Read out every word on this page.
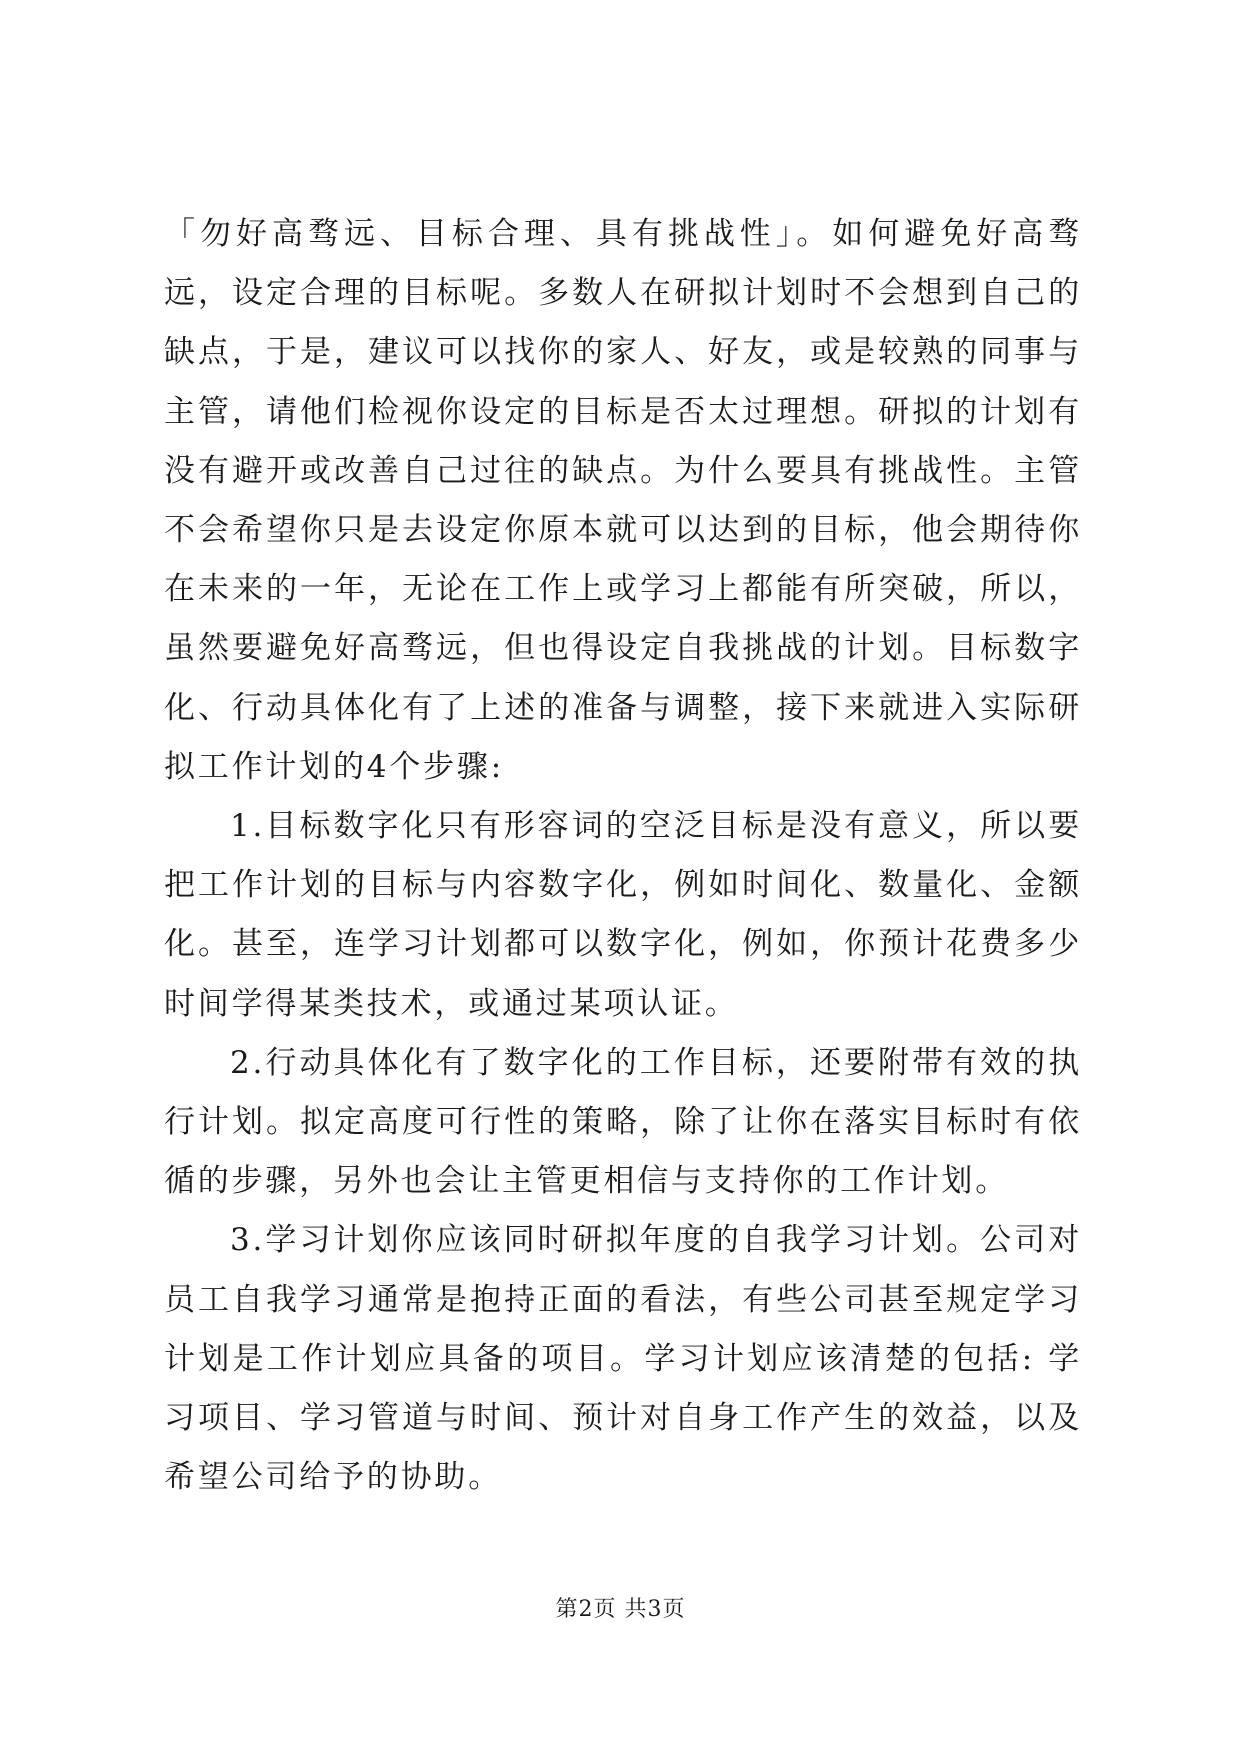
「勿好高骛远、目标合理、具有挑战性」。如何避免好高骛远，设定合理的目标呢。多数人在研拟计划时不会想到自己的缺点，于是，建议可以找你的家人、好友，或是较熟的同事与主管，请他们检视你设定的目标是否太过理想。研拟的计划有没有避开或改善自己过往的缺点。为什么要具有挑战性。主管不会希望你只是去设定你原本就可以达到的目标，他会期待你在未来的一年，无论在工作上或学习上都能有所突破，所以，虽然要避免好高骛远，但也得设定自我挑战的计划。目标数字化、行动具体化有了上述的准备与调整，接下来就进入实际研拟工作计划的4个步骤:

1.目标数字化只有形容词的空泛目标是没有意义，所以要把工作计划的目标与内容数字化，例如时间化、数量化、金额化。甚至，连学习计划都可以数字化，例如，你预计花费多少时间学得某类技术，或通过某项认证。

2.行动具体化有了数字化的工作目标，还要附带有效的执行计划。拟定高度可行性的策略，除了让你在落实目标时有依循的步骤，另外也会让主管更相信与支持你的工作计划。

3.学习计划你应该同时研拟年度的自我学习计划。公司对员工自我学习通常是抱持正面的看法，有些公司甚至规定学习计划是工作计划应具备的项目。学习计划应该清楚的包括: 学习项目、学习管道与时间、预计对自身工作产生的效益，以及希望公司给予的协助。

第2页 共3页
